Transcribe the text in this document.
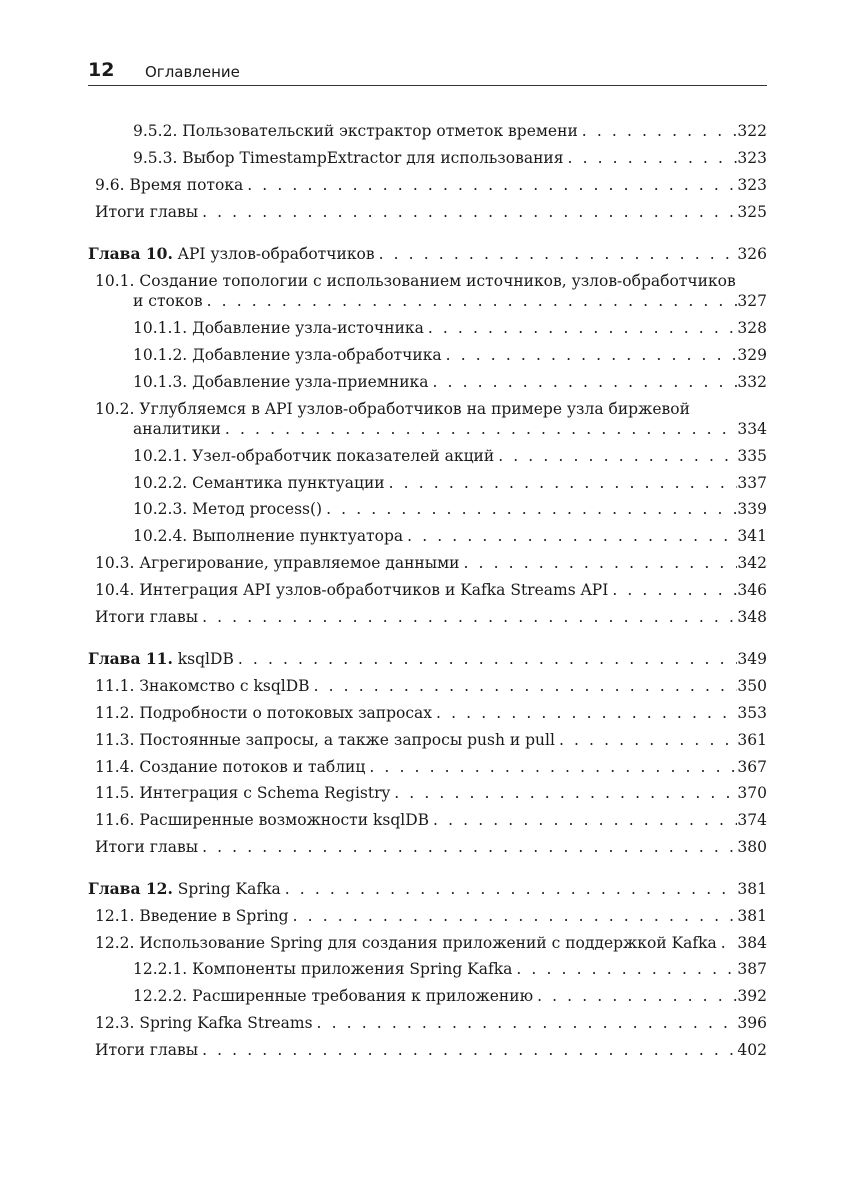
12 Оглавление
9.5.2. Пользовательский экстрактор отметок времени . . .	322
9.5.3. Выбор TimestampExtractor для использования . . .	323
9.6. Время потока . . .	323
Итоги главы . . .	325
Глава 10. API узлов-обработчиков . . .	326
10.1. Создание топологии с использованием источников, узлов-обработчиков
и стоков . . .	327
10.1.1. Добавление узла-источника . . .	328
10.1.2. Добавление узла-обработчика . . .	329
10.1.3. Добавление узла-приемника . . .	332
10.2. Углубляемся в API узлов-обработчиков на примере узла биржевой
аналитики . . .	334
10.2.1. Узел-обработчик показателей акций . . .	335
10.2.2. Семантика пунктуации . . .	337
10.2.3. Метод process() . . .	339
10.2.4. Выполнение пунктуатора . . .	341
10.3. Агрегирование, управляемое данными . . .	342
10.4. Интеграция API узлов-обработчиков и Kafka Streams API . . .	346
Итоги главы . . .	348
Глава 11. ksqlDB . . .	349
11.1. Знакомство с ksqlDB . . .	350
11.2. Подробности о потоковых запросах . . .	353
11.3. Постоянные запросы, а также запросы push и pull . . .	361
11.4. Создание потоков и таблиц . . .	367
11.5. Интеграция с Schema Registry . . .	370
11.6. Расширенные возможности ksqlDB . . .	374
Итоги главы . . .	380
Глава 12. Spring Kafka . . .	381
12.1. Введение в Spring . . .	381
12.2. Использование Spring для создания приложений с поддержкой Kafka . . . 384
12.2.1. Компоненты приложения Spring Kafka . . .	387
12.2.2. Расширенные требования к приложению . . .	392
12.3. Spring Kafka Streams . . .	396
Итоги главы . . .	402
